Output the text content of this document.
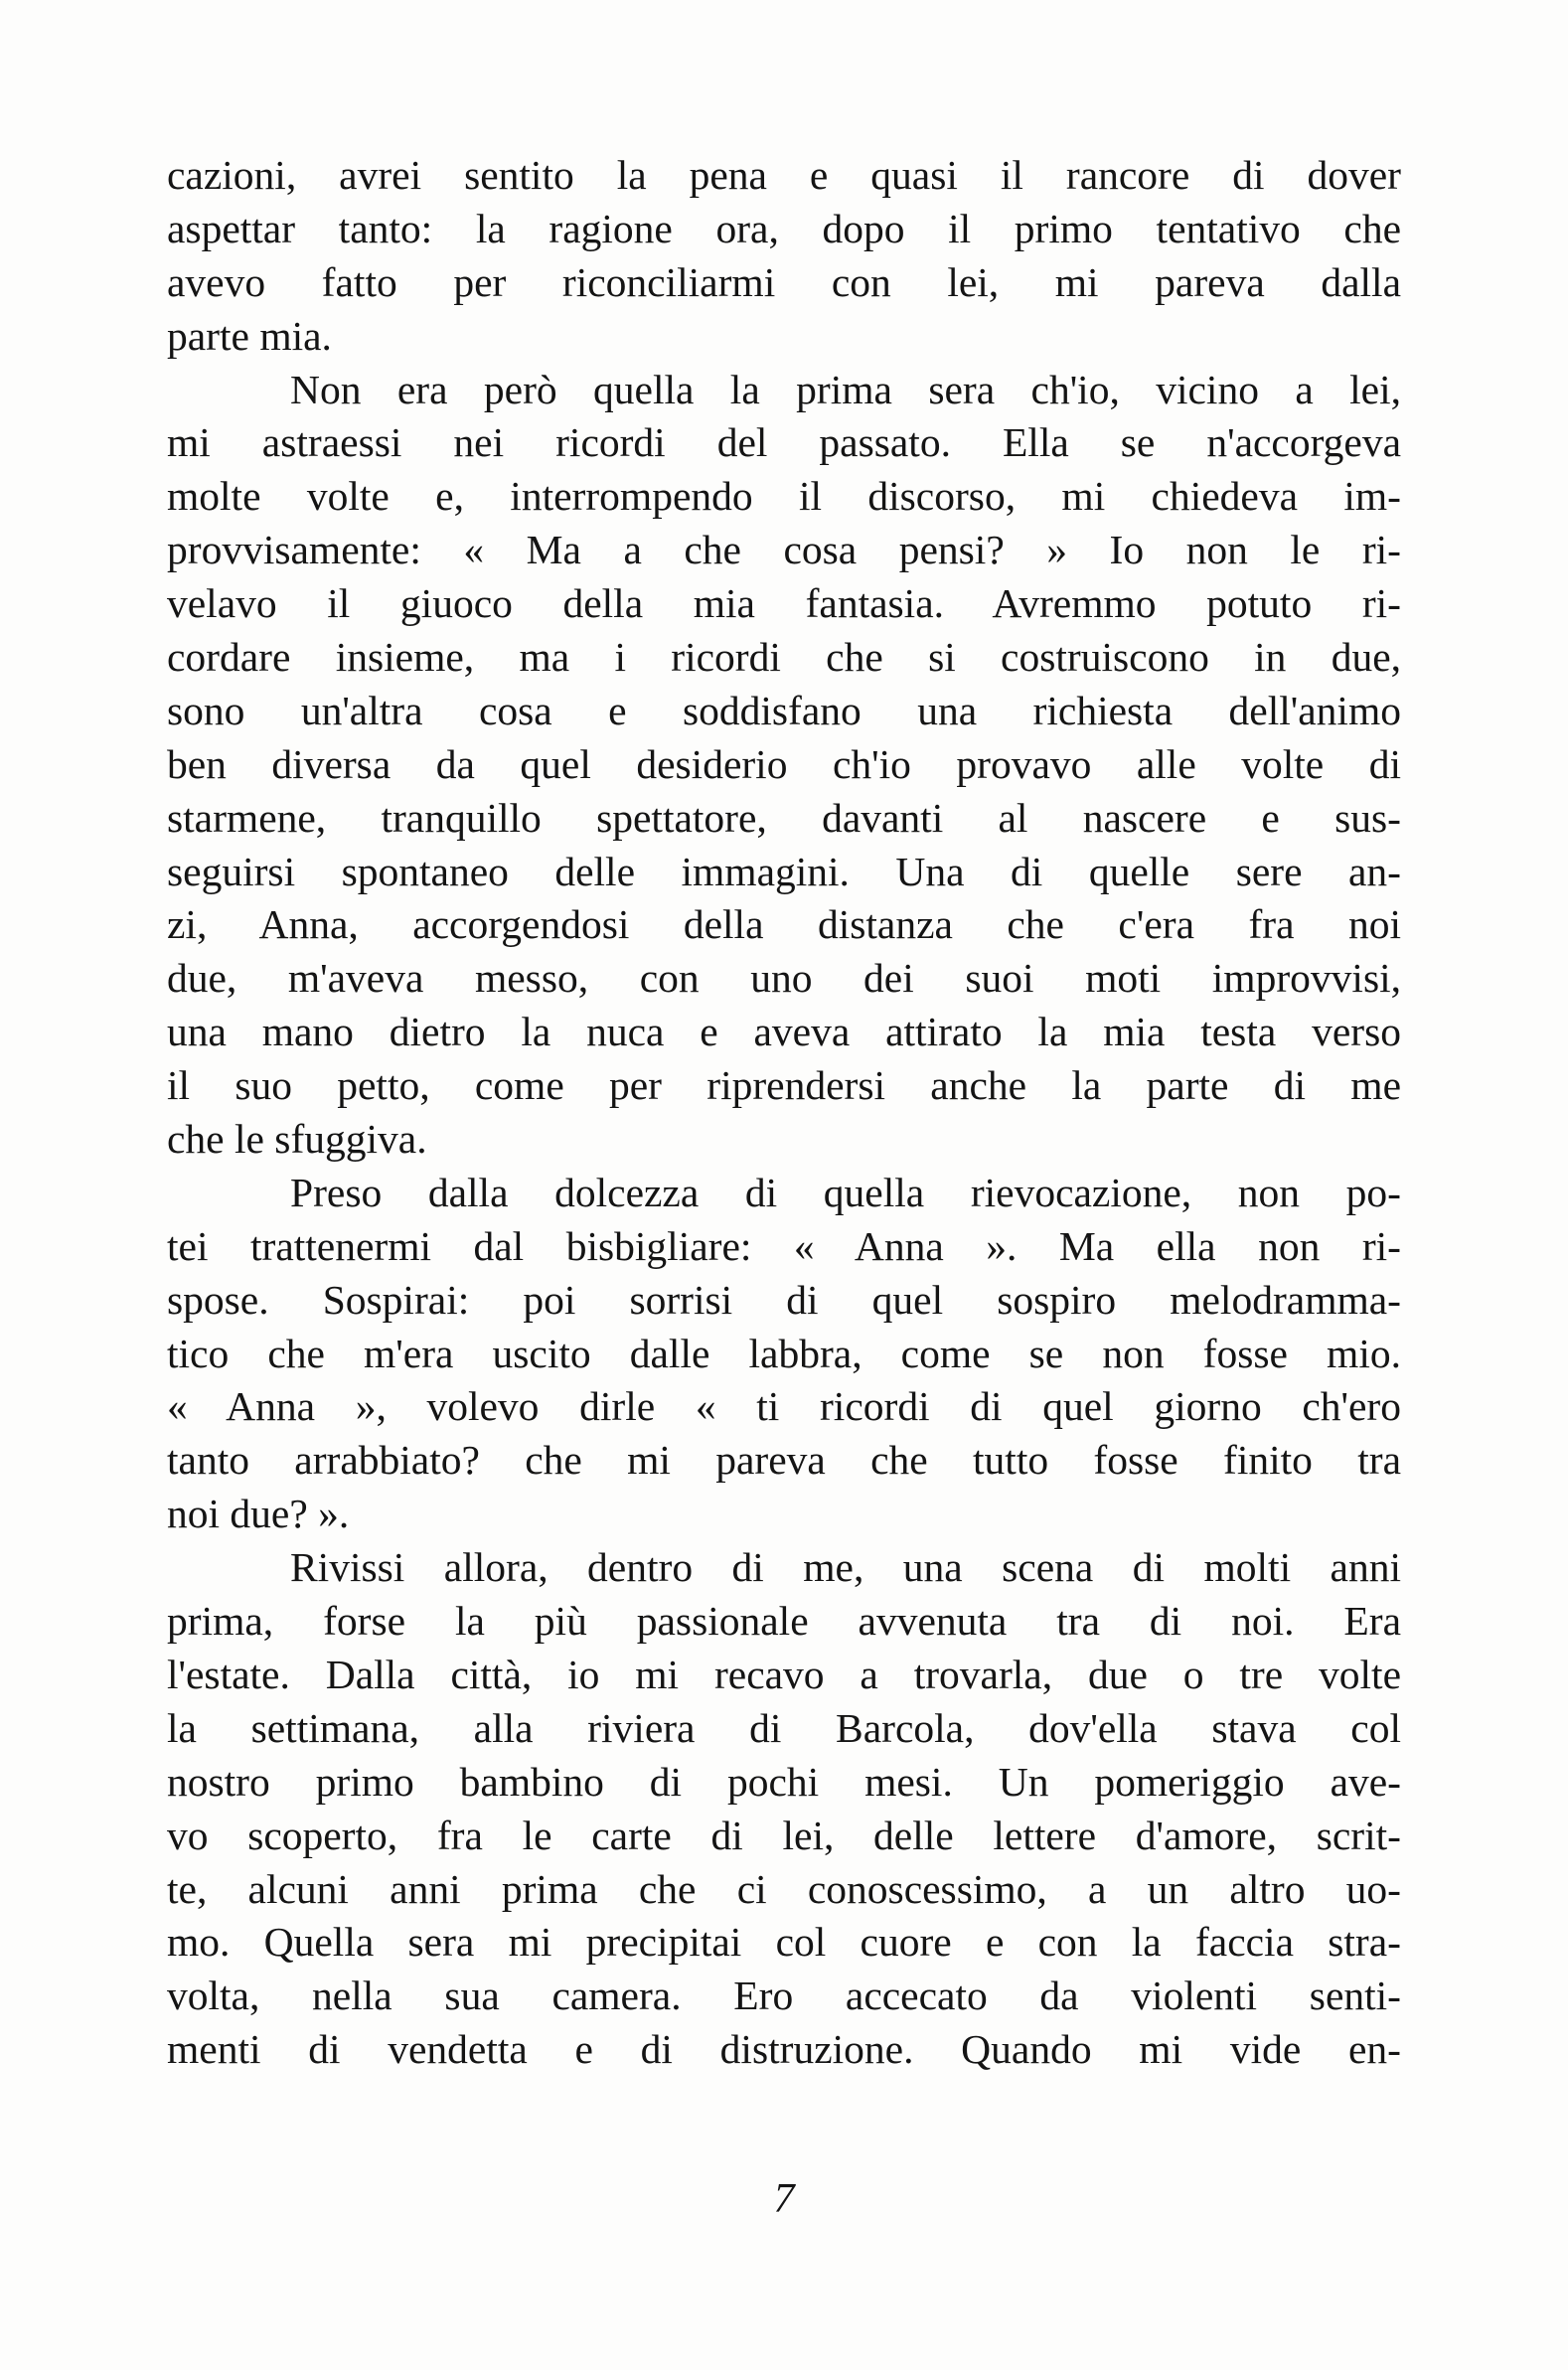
cazioni, avrei sentito la pena e quasi il rancore di dover
aspettar tanto: la ragione ora, dopo il primo tentativo che
avevo fatto per riconciliarmi con lei, mi pareva dalla
parte mia.
Non era però quella la prima sera ch'io, vicino a lei,
mi astraessi nei ricordi del passato. Ella se n'accorgeva
molte volte e, interrompendo il discorso, mi chiedeva im-
provvisamente: « Ma a che cosa pensi? » Io non le ri-
velavo il giuoco della mia fantasia. Avremmo potuto ri-
cordare insieme, ma i ricordi che si costruiscono in due,
sono un'altra cosa e soddisfano una richiesta dell'animo
ben diversa da quel desiderio ch'io provavo alle volte di
starmene, tranquillo spettatore, davanti al nascere e sus-
seguirsi spontaneo delle immagini. Una di quelle sere an-
zi, Anna, accorgendosi della distanza che c'era fra noi
due, m'aveva messo, con uno dei suoi moti improvvisi,
una mano dietro la nuca e aveva attirato la mia testa verso
il suo petto, come per riprendersi anche la parte di me
che le sfuggiva.
Preso dalla dolcezza di quella rievocazione, non po-
tei trattenermi dal bisbigliare: « Anna ». Ma ella non ri-
spose. Sospirai: poi sorrisi di quel sospiro melodramma-
tico che m'era uscito dalle labbra, come se non fosse mio.
« Anna », volevo dirle « ti ricordi di quel giorno ch'ero
tanto arrabbiato? che mi pareva che tutto fosse finito tra
noi due? ».
Rivissi allora, dentro di me, una scena di molti anni
prima, forse la più passionale avvenuta tra di noi. Era
l'estate. Dalla città, io mi recavo a trovarla, due o tre volte
la settimana, alla riviera di Barcola, dov'ella stava col
nostro primo bambino di pochi mesi. Un pomeriggio ave-
vo scoperto, fra le carte di lei, delle lettere d'amore, scrit-
te, alcuni anni prima che ci conoscessimo, a un altro uo-
mo. Quella sera mi precipitai col cuore e con la faccia stra-
volta, nella sua camera. Ero accecato da violenti senti-
menti di vendetta e di distruzione. Quando mi vide en-
7
